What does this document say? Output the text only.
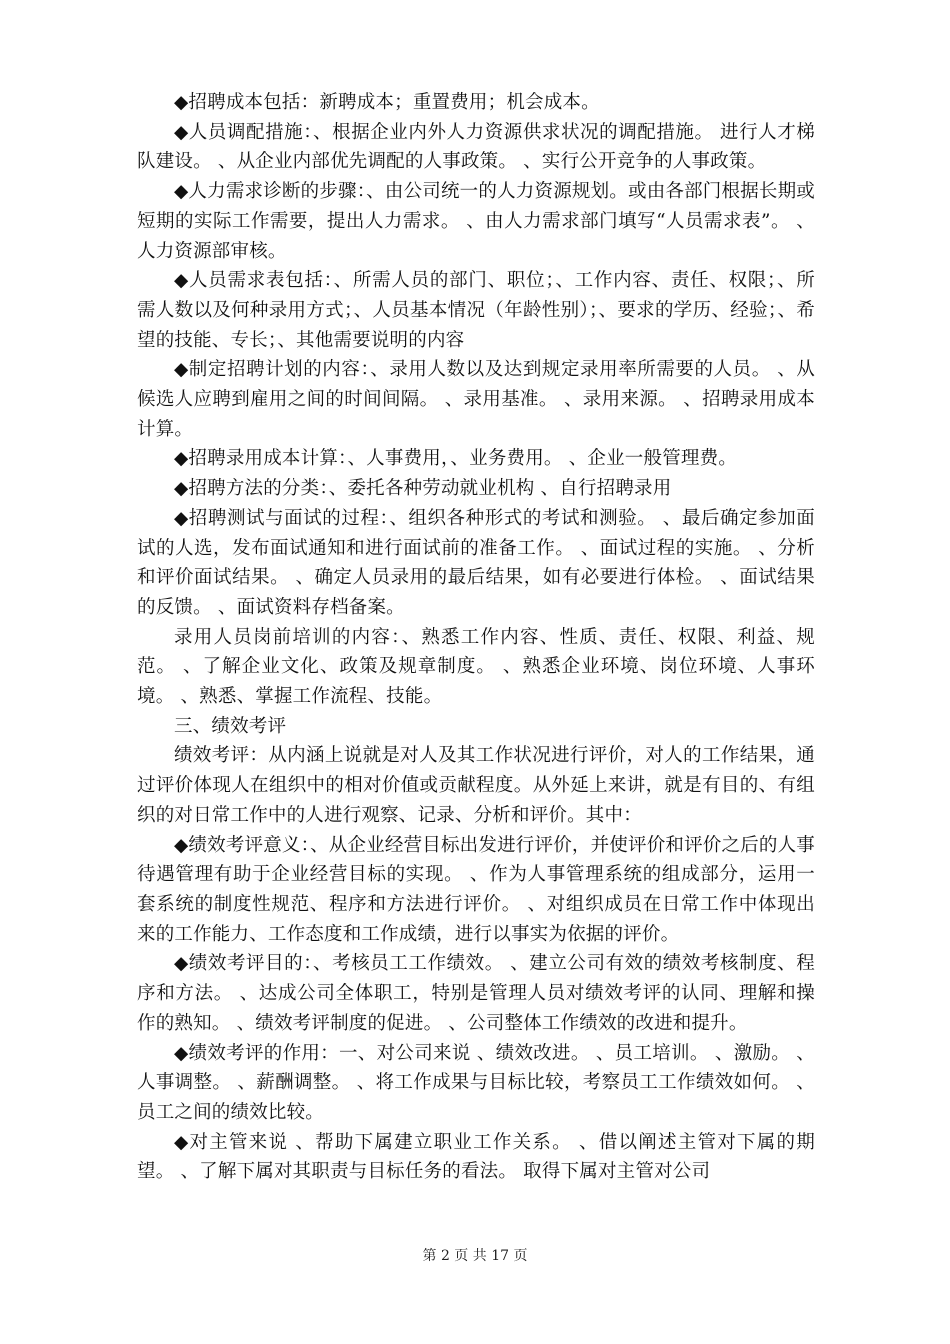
◆招聘成本包括：新聘成本；重置费用；机会成本。

◆人员调配措施：、根据企业内外人力资源供求状况的调配措施。 进行人才梯队建设。 、从企业内部优先调配的人事政策。 、实行公开竞争的人事政策。

◆人力需求诊断的步骤：、由公司统一的人力资源规划。或由各部门根据长期或短期的实际工作需要，提出人力需求。 、由人力需求部门填写“人员需求表”。 、人力资源部审核。

◆人员需求表包括：、所需人员的部门、职位；、工作内容、责任、权限；、所需人数以及何种录用方式；、人员基本情况（年龄性别）；、要求的学历、经验；、希望的技能、专长；、其他需要说明的内容

◆制定招聘计划的内容：、录用人数以及达到规定录用率所需要的人员。 、从候选人应聘到雇用之间的时间间隔。 、录用基准。 、录用来源。 、招聘录用成本计算。

◆招聘录用成本计算：、人事费用，、业务费用。 、企业一般管理费。

◆招聘方法的分类：、委托各种劳动就业机构 、自行招聘录用

◆招聘测试与面试的过程：、组织各种形式的考试和测验。 、最后确定参加面试的人选，发布面试通知和进行面试前的准备工作。 、面试过程的实施。 、分析和评价面试结果。 、确定人员录用的最后结果，如有必要进行体检。 、面试结果的反馈。 、面试资料存档备案。

录用人员岗前培训的内容：、熟悉工作内容、性质、责任、权限、利益、规范。 、了解企业文化、政策及规章制度。 、熟悉企业环境、岗位环境、人事环境。 、熟悉、掌握工作流程、技能。

三、绩效考评

绩效考评：从内涵上说就是对人及其工作状况进行评价，对人的工作结果，通过评价体现人在组织中的相对价值或贡献程度。从外延上来讲，就是有目的、有组织的对日常工作中的人进行观察、记录、分析和评价。其中：

◆绩效考评意义：、从企业经营目标出发进行评价，并使评价和评价之后的人事待遇管理有助于企业经营目标的实现。 、作为人事管理系统的组成部分，运用一套系统的制度性规范、程序和方法进行评价。 、对组织成员在日常工作中体现出来的工作能力、工作态度和工作成绩，进行以事实为依据的评价。

◆绩效考评目的：、考核员工工作绩效。 、建立公司有效的绩效考核制度、程序和方法。 、达成公司全体职工，特别是管理人员对绩效考评的认同、理解和操作的熟知。 、绩效考评制度的促进。 、公司整体工作绩效的改进和提升。

◆绩效考评的作用：一、对公司来说 、绩效改进。 、员工培训。 、激励。 、人事调整。 、薪酬调整。 、将工作成果与目标比较，考察员工工作绩效如何。 、员工之间的绩效比较。

◆对主管来说 、帮助下属建立职业工作关系。 、借以阐述主管对下属的期望。 、了解下属对其职责与目标任务的看法。 取得下属对主管对公司

第 2 页 共 17 页
